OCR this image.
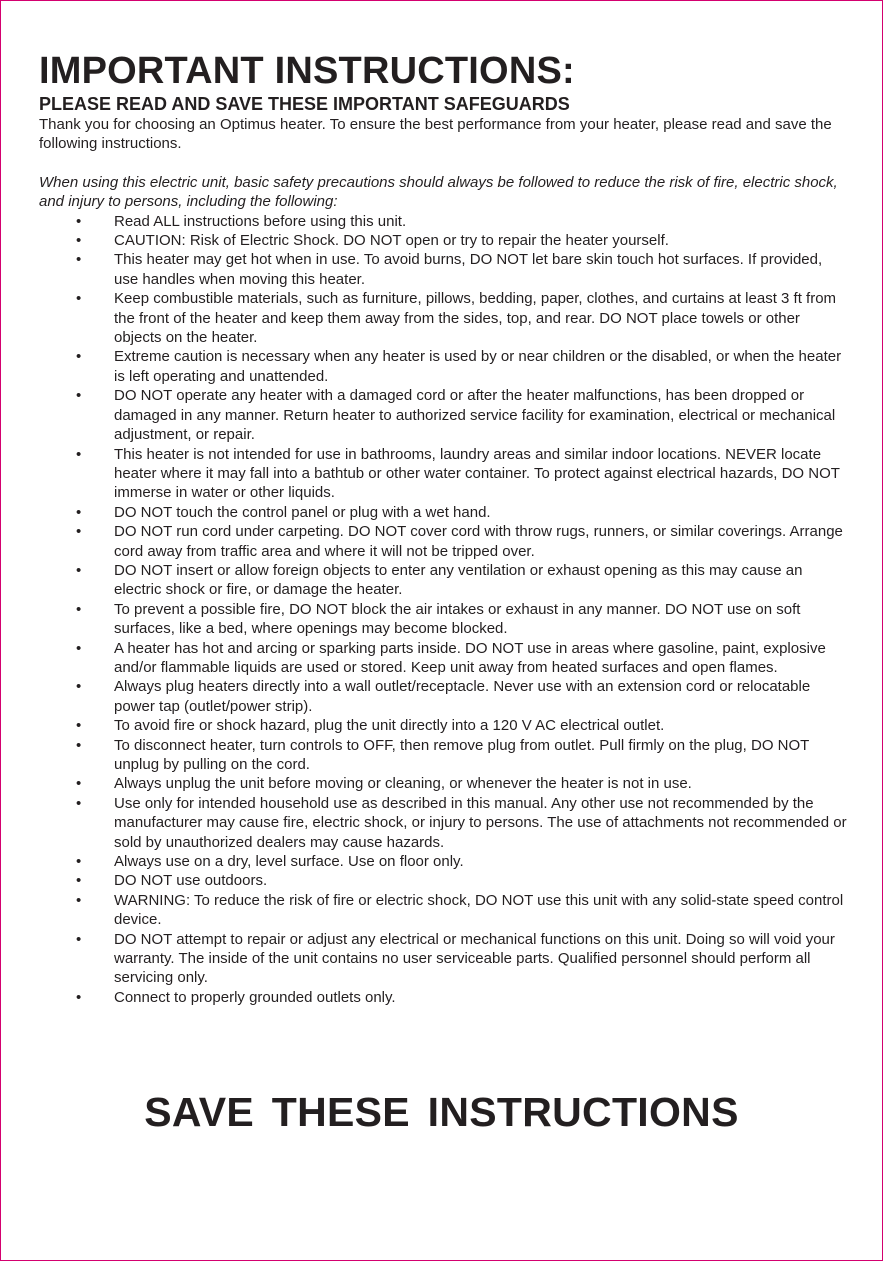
IMPORTANT INSTRUCTIONS:
PLEASE READ AND SAVE THESE IMPORTANT SAFEGUARDS

Thank you for choosing an Optimus heater. To ensure the best performance from your heater, please read and save the following instructions.

When using this electric unit, basic safety precautions should always be followed to reduce the risk of fire, electric shock, and injury to persons, including the following:

• Read ALL instructions before using this unit.
• CAUTION: Risk of Electric Shock. DO NOT open or try to repair the heater yourself.
• This heater may get hot when in use. To avoid burns, DO NOT let bare skin touch hot surfaces. If provided, use handles when moving this heater.
• Keep combustible materials, such as furniture, pillows, bedding, paper, clothes, and curtains at least 3 ft from the front of the heater and keep them away from the sides, top, and rear. DO NOT place towels or other objects on the heater.
• Extreme caution is necessary when any heater is used by or near children or the disabled, or when the heater is left operating and unattended.
• DO NOT operate any heater with a damaged cord or after the heater malfunctions, has been dropped or damaged in any manner. Return heater to authorized service facility for examination, electrical or mechanical adjustment, or repair.
• This heater is not intended for use in bathrooms, laundry areas and similar indoor locations. NEVER locate heater where it may fall into a bathtub or other water container. To protect against electrical hazards, DO NOT immerse in water or other liquids.
• DO NOT touch the control panel or plug with a wet hand.
• DO NOT run cord under carpeting. DO NOT cover cord with throw rugs, runners, or similar coverings. Arrange cord away from traffic area and where it will not be tripped over.
• DO NOT insert or allow foreign objects to enter any ventilation or exhaust opening as this may cause an electric shock or fire, or damage the heater.
• To prevent a possible fire, DO NOT block the air intakes or exhaust in any manner. DO NOT use on soft surfaces, like a bed, where openings may become blocked.
• A heater has hot and arcing or sparking parts inside. DO NOT use in areas where gasoline, paint, explosive and/or flammable liquids are used or stored. Keep unit away from heated surfaces and open flames.
• Always plug heaters directly into a wall outlet/receptacle. Never use with an extension cord or relocatable power tap (outlet/power strip).
• To avoid fire or shock hazard, plug the unit directly into a 120 V AC electrical outlet.
• To disconnect heater, turn controls to OFF, then remove plug from outlet. Pull firmly on the plug, DO NOT unplug by pulling on the cord.
• Always unplug the unit before moving or cleaning, or whenever the heater is not in use.
• Use only for intended household use as described in this manual. Any other use not recommended by the manufacturer may cause fire, electric shock, or injury to persons. The use of attachments not recommended or sold by unauthorized dealers may cause hazards.
• Always use on a dry, level surface. Use on floor only.
• DO NOT use outdoors.
• WARNING: To reduce the risk of fire or electric shock, DO NOT use this unit with any solid-state speed control device.
• DO NOT attempt to repair or adjust any electrical or mechanical functions on this unit. Doing so will void your warranty. The inside of the unit contains no user serviceable parts. Qualified personnel should perform all servicing only.
• Connect to properly grounded outlets only.
SAVE THESE INSTRUCTIONS
